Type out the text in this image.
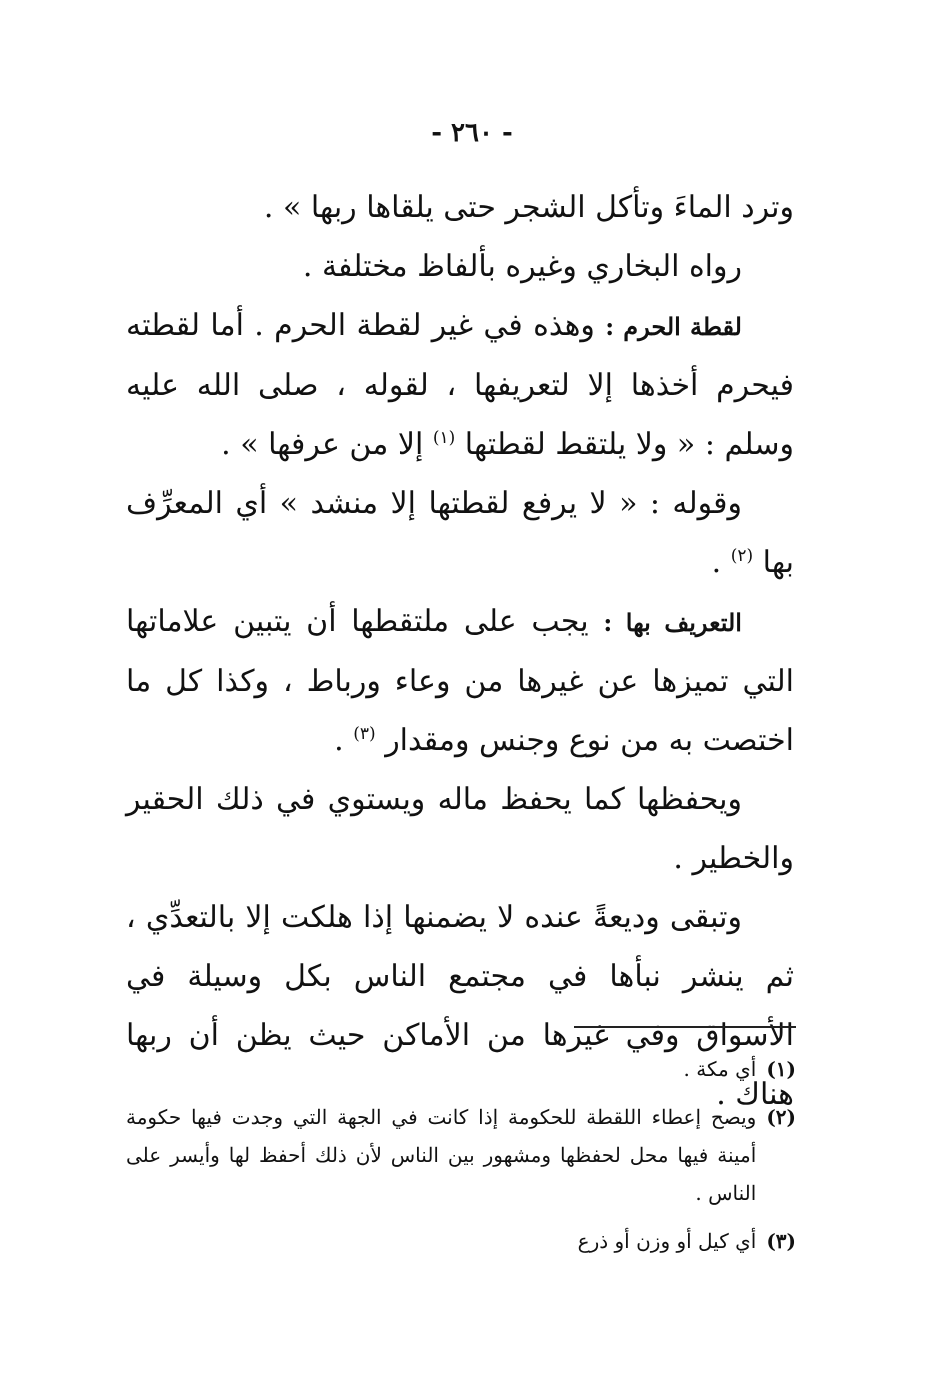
- ٢٦٠ -

وترد الماءَ وتأكل الشجر حتى يلقاها ربها » .

رواه البخاري وغيره بألفاظ مختلفة .

لقطة الحرم : وهذه في غير لقطة الحرم . أما لقطته فيحرم أخذها إلا لتعريفها ، لقوله ، صلى الله عليه وسلم : « ولا يلتقط لقطتها $^{(١)}$ إلا من عرفها » .

وقوله : « لا يرفع لقطتها إلا منشد » أي المعرِّف بها $^{(٢)}$ .

التعريف بها : يجب على ملتقطها أن يتبين علاماتها التي تميزها عن غيرها من وعاء ورباط ، وكذا كل ما اختصت به من نوع وجنس ومقدار $^{(٣)}$ .

ويحفظها كما يحفظ ماله ويستوي في ذلك الحقير والخطير .

وتبقى وديعةً عنده لا يضمنها إذا هلكت إلا بالتعدِّي ، ثم ينشر نبأها في مجتمع الناس بكل وسيلة في الأسواق وفي غيرها من الأماكن حيث يظن أن ربها هناك .

(١)
أي مكة .
(٢)
ويصح إعطاء اللقطة للحكومة إذا كانت في الجهة التي وجدت فيها حكومة أمينة فيها محل لحفظها ومشهور بين الناس لأن ذلك أحفظ لها وأيسر على الناس .
(٣)
أي كيل أو وزن أو ذرع
